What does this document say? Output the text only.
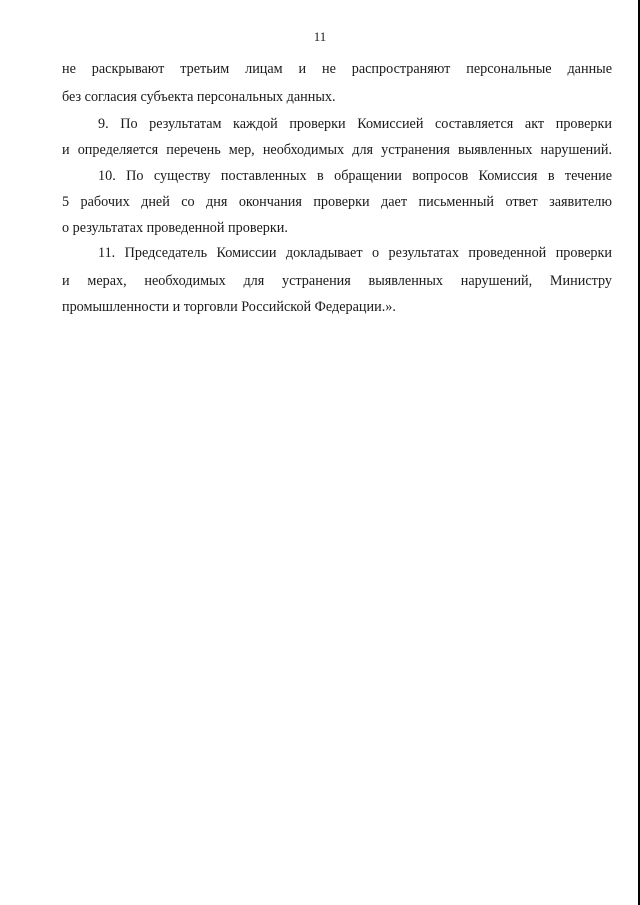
11
не раскрывают третьим лицам и не распространяют персональные данные
без согласия субъекта персональных данных.
9. По результатам каждой проверки Комиссией составляется акт проверки
и определяется перечень мер, необходимых для устранения выявленных нарушений.
10. По существу поставленных в обращении вопросов Комиссия в течение
5 рабочих дней со дня окончания проверки дает письменный ответ заявителю
о результатах проведенной проверки.
11. Председатель Комиссии докладывает о результатах проведенной проверки
и мерах, необходимых для устранения выявленных нарушений, Министру
промышленности и торговли Российской Федерации.».
